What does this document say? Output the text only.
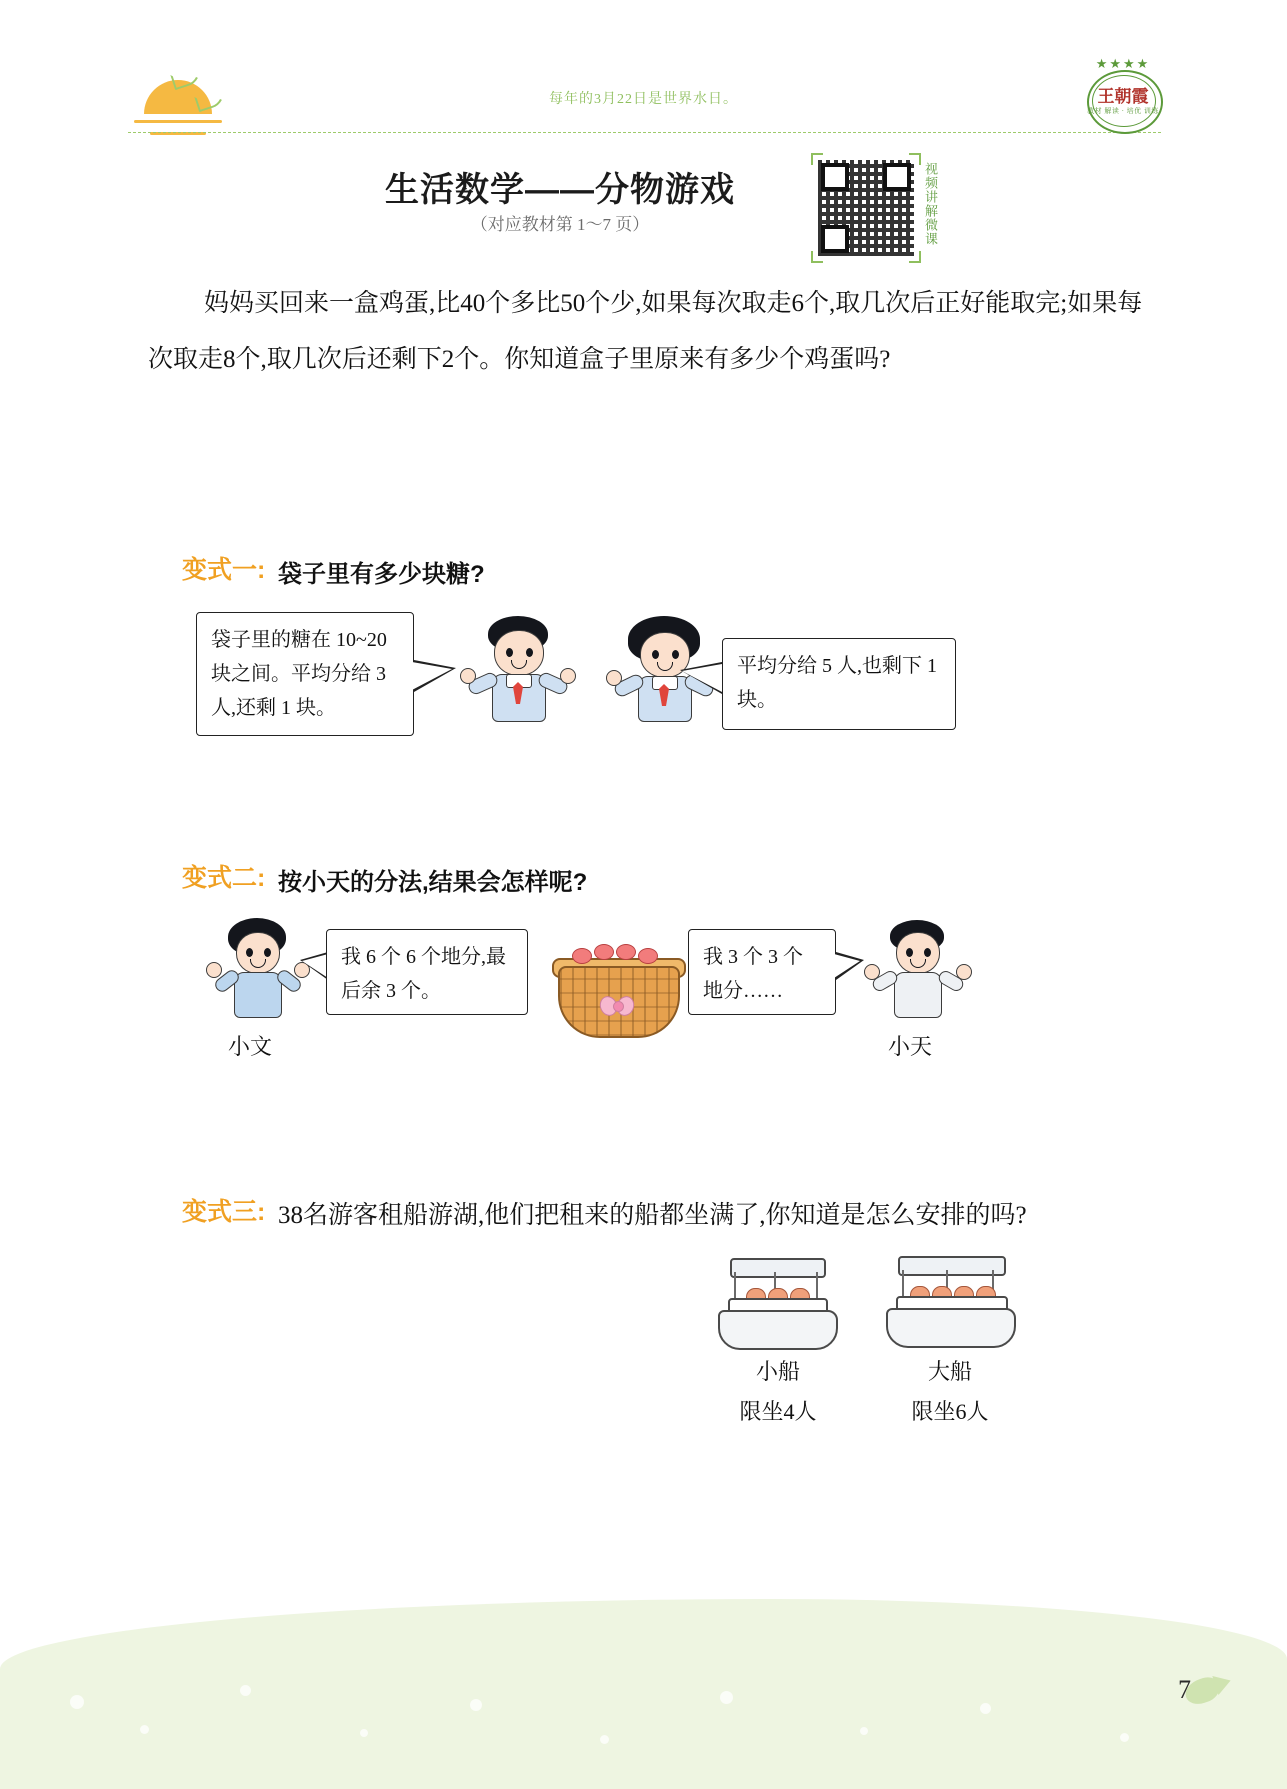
每年的3月22日是世界水日。
★★★★
王朝霞
教材 解读 · 培优 训练
生活数学——分物游戏
（对应教材第 1～7 页）	视频讲解微课
妈妈买回来一盒鸡蛋,比40个多比50个少,如果每次取走6个,取几次后正好能取完;如果每次取走8个,取几次后还剩下2个。你知道盒子里原来有多少个鸡蛋吗?
变式一: 袋子里有多少块糖?
袋子里的糖在 10~20 块之间。平均分给 3 人,还剩 1 块。
平均分给 5 人,也剩下 1 块。
变式二: 按小天的分法,结果会怎样呢?
小文
我 6 个 6 个地分,最后余 3 个。
我 3 个 3 个地分……
小天
变式三: 38名游客租船游湖,他们把租来的船都坐满了,你知道是怎么安排的吗?
小船
限坐4人
大船
限坐6人
7
